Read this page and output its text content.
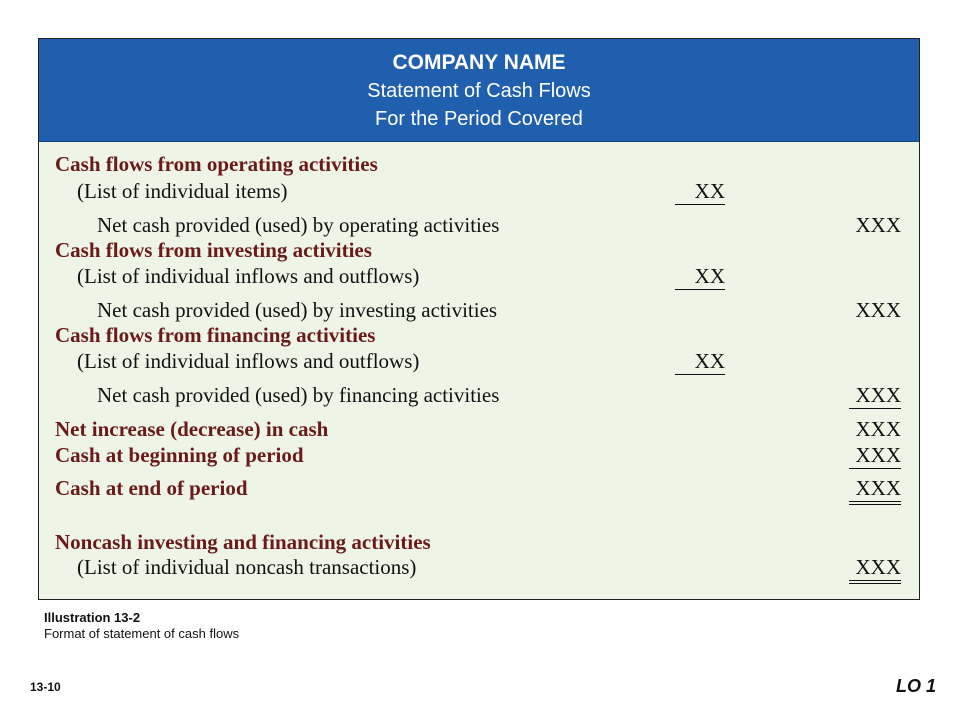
COMPANY NAME
Statement of Cash Flows
For the Period Covered
Cash flows from operating activities
(List of individual items)	XX
Net cash provided (used) by operating activities	XXX
Cash flows from investing activities
(List of individual inflows and outflows)	XX
Net cash provided (used) by investing activities	XXX
Cash flows from financing activities
(List of individual inflows and outflows)	XX
Net cash provided (used) by financing activities	XXX
Net increase (decrease) in cash	XXX
Cash at beginning of period	XXX
Cash at end of period	XXX
Noncash investing and financing activities
(List of individual noncash transactions)	XXX
Illustration 13-2
Format of statement of cash flows
13-10	LO 1
